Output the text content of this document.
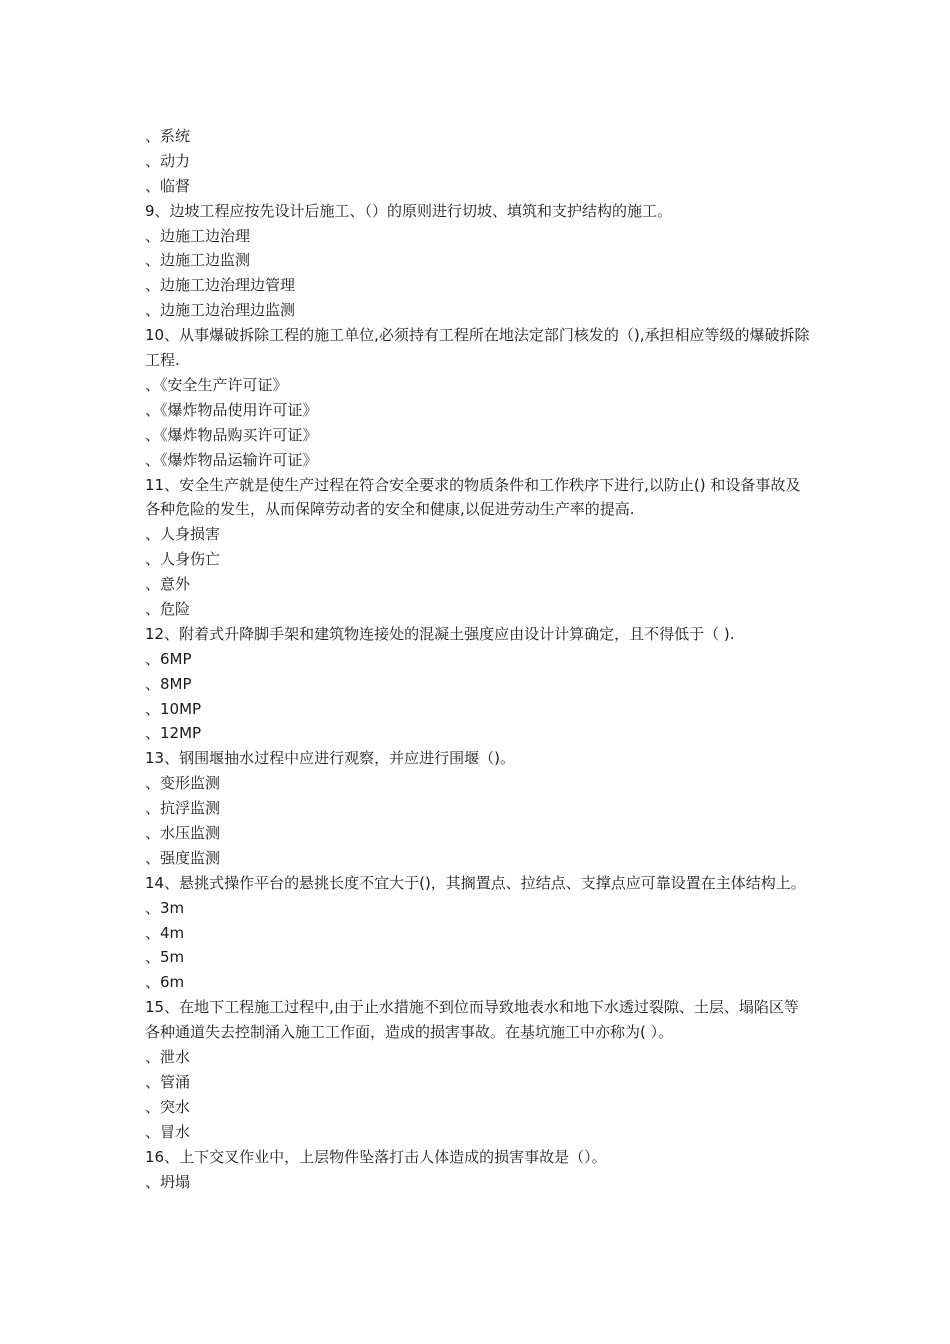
、系统
、动力
、临督
9、边坡工程应按先设计后施工、（）的原则进行切坡、填筑和支护结构的施工。
、边施工边治理
、边施工边监测
、边施工边治理边管理
、边施工边治理边监测
10、从事爆破拆除工程的施工单位,必须持有工程所在地法定部门核发的（),承担相应等级的爆破拆除工程.
、《安全生产许可证》
、《爆炸物品使用许可证》
、《爆炸物品购买许可证》
、《爆炸物品运输许可证》
11、安全生产就是使生产过程在符合安全要求的物质条件和工作秩序下进行,以防止() 和设备事故及各种危险的发生，从而保障劳动者的安全和健康,以促进劳动生产率的提高.
、人身损害
、人身伤亡
、意外
、危险
12、附着式升降脚手架和建筑物连接处的混凝土强度应由设计计算确定，且不得低于（ ).
、6MP
、8MP
、10MP
、12MP
13、钢围堰抽水过程中应进行观察，并应进行围堰（)。
、变形监测
、抗浮监测
、水压监测
、强度监测
14、悬挑式操作平台的悬挑长度不宜大于()，其搁置点、拉结点、支撑点应可靠设置在主体结构上。
、3m
、4m
、5m
、6m
15、在地下工程施工过程中,由于止水措施不到位而导致地表水和地下水透过裂隙、土层、塌陷区等各种通道失去控制涌入施工工作面，造成的损害事故。在基坑施工中亦称为( ）。
、泄水
、管涌
、突水
、冒水
16、上下交叉作业中，上层物件坠落打击人体造成的损害事故是（）。
、坍塌
